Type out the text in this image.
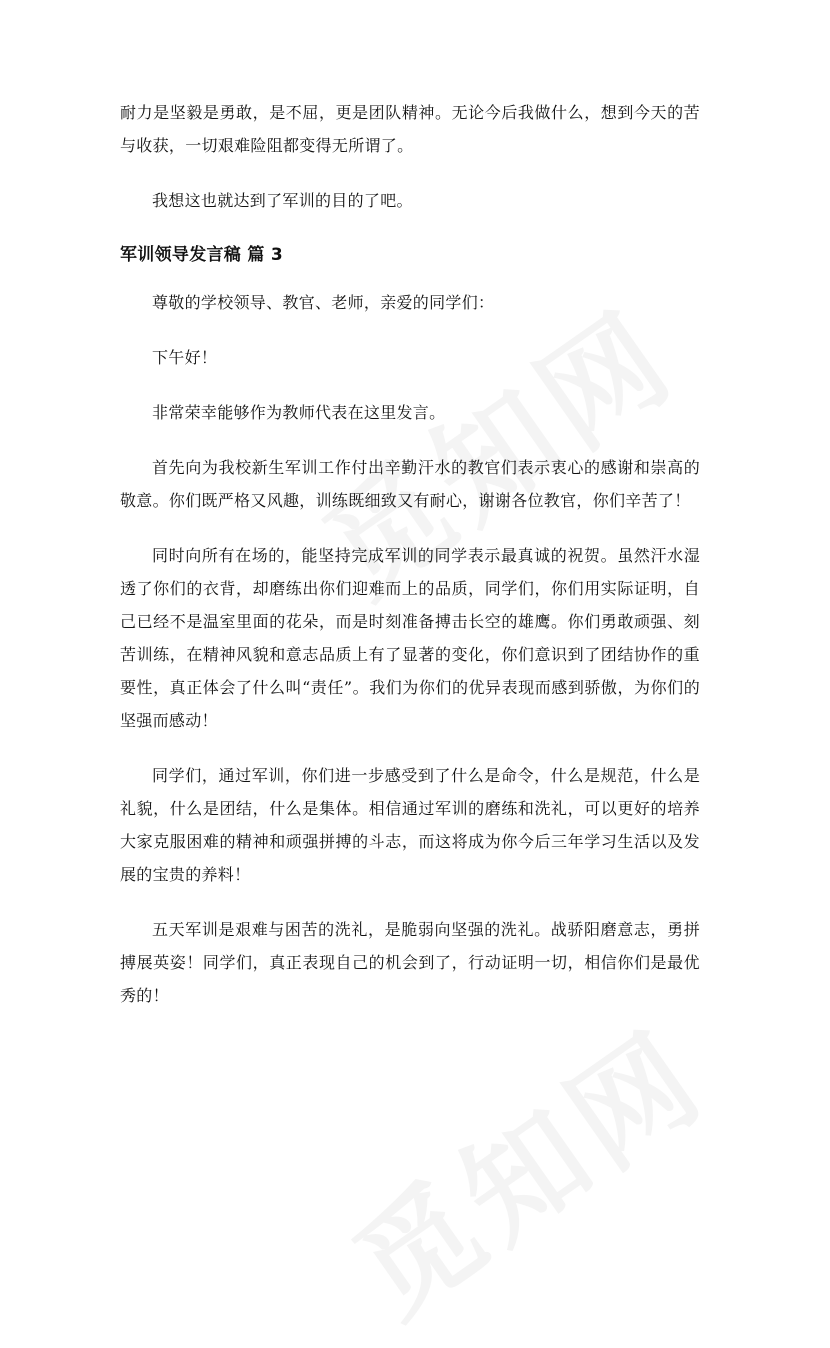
耐力是坚毅是勇敢，是不屈，更是团队精神。无论今后我做什么，想到今天的苦与收获，一切艰难险阻都变得无所谓了。

我想这也就达到了军训的目的了吧。

军训领导发言稿 篇 3

尊敬的学校领导、教官、老师，亲爱的同学们：

下午好！

非常荣幸能够作为教师代表在这里发言。

首先向为我校新生军训工作付出辛勤汗水的教官们表示衷心的感谢和崇高的敬意。你们既严格又风趣，训练既细致又有耐心，谢谢各位教官，你们辛苦了！

同时向所有在场的，能坚持完成军训的同学表示最真诚的祝贺。虽然汗水湿透了你们的衣背，却磨练出你们迎难而上的品质，同学们，你们用实际证明，自己已经不是温室里面的花朵，而是时刻准备搏击长空的雄鹰。你们勇敢顽强、刻苦训练，在精神风貌和意志品质上有了显著的变化，你们意识到了团结协作的重要性，真正体会了什么叫“责任”。我们为你们的优异表现而感到骄傲，为你们的坚强而感动！

同学们，通过军训，你们进一步感受到了什么是命令，什么是规范，什么是礼貌，什么是团结，什么是集体。相信通过军训的磨练和洗礼，可以更好的培养大家克服困难的精神和顽强拼搏的斗志，而这将成为你今后三年学习生活以及发展的宝贵的养料！

五天军训是艰难与困苦的洗礼，是脆弱向坚强的洗礼。战骄阳磨意志，勇拼搏展英姿！同学们，真正表现自己的机会到了，行动证明一切，相信你们是最优秀的！
